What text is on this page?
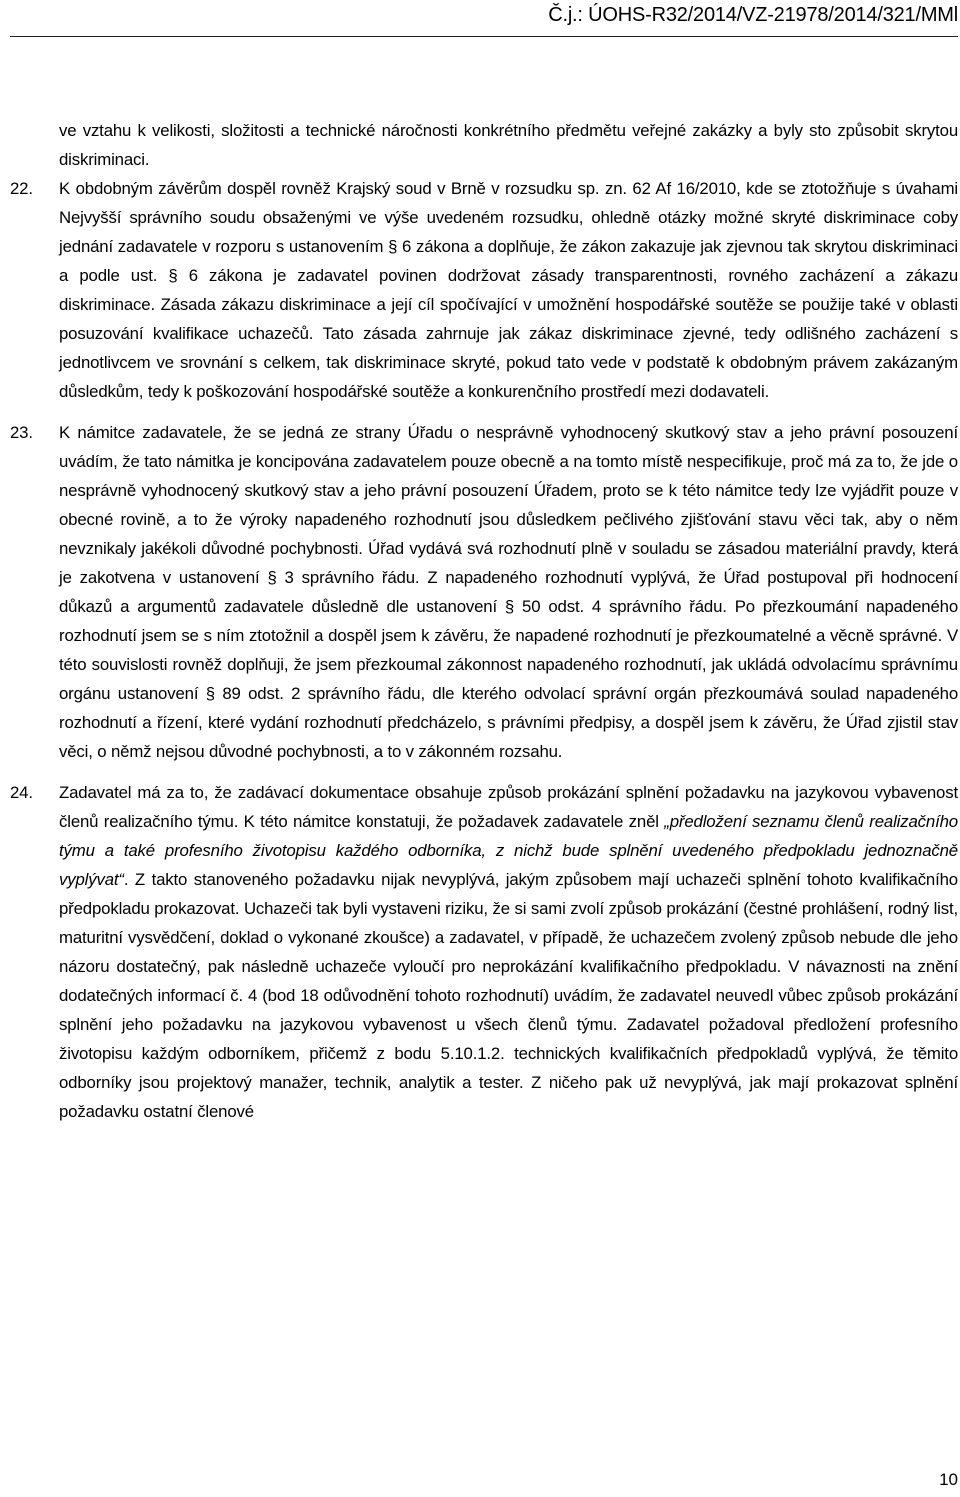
Č.j.: ÚOHS-R32/2014/VZ-21978/2014/321/MMl

ve vztahu k velikosti, složitosti a technické náročnosti konkrétního předmětu veřejné zakázky a byly sto způsobit skrytou diskriminaci.

22. K obdobným závěrům dospěl rovněž Krajský soud v Brně v rozsudku sp. zn. 62 Af 16/2010, kde se ztotožňuje s úvahami Nejvyšší správního soudu obsaženými ve výše uvedeném rozsudku, ohledně otázky možné skryté diskriminace coby jednání zadavatele v rozporu s ustanovením § 6 zákona a doplňuje, že zákon zakazuje jak zjevnou tak skrytou diskriminaci a podle ust. § 6 zákona je zadavatel povinen dodržovat zásady transparentnosti, rovného zacházení a zákazu diskriminace. Zásada zákazu diskriminace a její cíl spočívající v umožnění hospodářské soutěže se použije také v oblasti posuzování kvalifikace uchazečů. Tato zásada zahrnuje jak zákaz diskriminace zjevné, tedy odlišného zacházení s jednotlivcem ve srovnání s celkem, tak diskriminace skryté, pokud tato vede v podstatě k obdobným právem zakázaným důsledkům, tedy k poškozování hospodářské soutěže a konkurenčního prostředí mezi dodavateli.

23. K námitce zadavatele, že se jedná ze strany Úřadu o nesprávně vyhodnocený skutkový stav a jeho právní posouzení uvádím, že tato námitka je koncipována zadavatelem pouze obecně a na tomto místě nespecifikuje, proč má za to, že jde o nesprávně vyhodnocený skutkový stav a jeho právní posouzení Úřadem, proto se k této námitce tedy lze vyjádřit pouze v obecné rovině, a to že výroky napadeného rozhodnutí jsou důsledkem pečlivého zjišťování stavu věci tak, aby o něm nevznikaly jakékoli důvodné pochybnosti. Úřad vydává svá rozhodnutí plně v souladu se zásadou materiální pravdy, která je zakotvena v ustanovení § 3 správního řádu. Z napadeného rozhodnutí vyplývá, že Úřad postupoval při hodnocení důkazů a argumentů zadavatele důsledně dle ustanovení § 50 odst. 4 správního řádu. Po přezkoumání napadeného rozhodnutí jsem se s ním ztotožnil a dospěl jsem k závěru, že napadené rozhodnutí je přezkoumatelné a věcně správné. V této souvislosti rovněž doplňuji, že jsem přezkoumal zákonnost napadeného rozhodnutí, jak ukládá odvolacímu správnímu orgánu ustanovení § 89 odst. 2 správního řádu, dle kterého odvolací správní orgán přezkoumává soulad napadeného rozhodnutí a řízení, které vydání rozhodnutí předcházelo, s právními předpisy, a dospěl jsem k závěru, že Úřad zjistil stav věci, o němž nejsou důvodné pochybnosti, a to v zákonném rozsahu.

24. Zadavatel má za to, že zadávací dokumentace obsahuje způsob prokázání splnění požadavku na jazykovou vybavenost členů realizačního týmu. K této námitce konstatuji, že požadavek zadavatele zněl „předložení seznamu členů realizačního týmu a také profesního životopisu každého odborníka, z nichž bude splnění uvedeného předpokladu jednoznačně vyplývat“. Z takto stanoveného požadavku nijak nevyplývá, jakým způsobem mají uchazeči splnění tohoto kvalifikačního předpokladu prokazovat. Uchazeči tak byli vystaveni riziku, že si sami zvolí způsob prokázání (čestné prohlášení, rodný list, maturitní vysvědčení, doklad o vykonané zkoušce) a zadavatel, v případě, že uchazečem zvolený způsob nebude dle jeho názoru dostatečný, pak následně uchazeče vyloučí pro neprokázání kvalifikačního předpokladu. V návaznosti na znění dodatečných informací č. 4 (bod 18 odůvodnění tohoto rozhodnutí) uvádím, že zadavatel neuvedl vůbec způsob prokázání splnění jeho požadavku na jazykovou vybavenost u všech členů týmu. Zadavatel požadoval předložení profesního životopisu každým odborníkem, přičemž z bodu 5.10.1.2. technických kvalifikačních předpokladů vyplývá, že těmito odborníky jsou projektový manažer, technik, analytik a tester. Z ničeho pak už nevyplývá, jak mají prokazovat splnění požadavku ostatní členové

10
